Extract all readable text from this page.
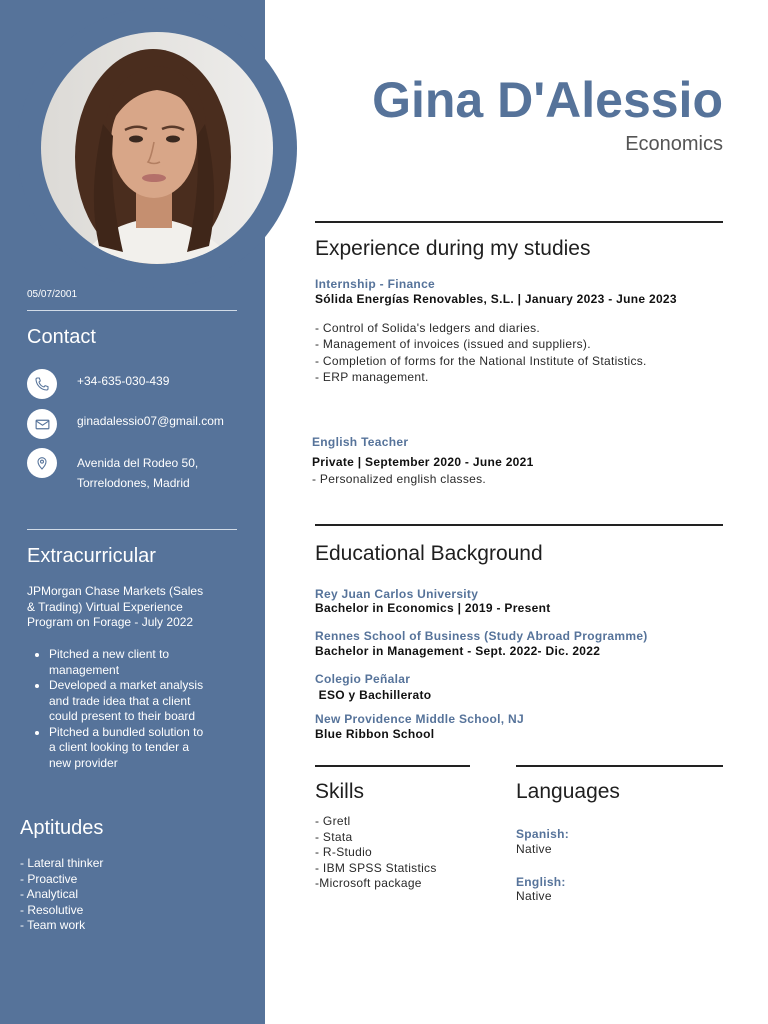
05/07/2001
Contact
+34-635-030-439
ginadalessio07@gmail.com
Avenida del Rodeo 50,
Torrelodones, Madrid
Extracurricular
JPMorgan Chase Markets (Sales & Trading) Virtual Experience Program on Forage - July 2022
• Pitched a new client to management
• Developed a market analysis and trade idea that a client could present to their board
• Pitched a bundled solution to a client looking to tender a new provider
Aptitudes
- Lateral thinker
- Proactive
- Analytical
- Resolutive
- Team work
Gina D'Alessio
Economics
Experience during my studies
Internship - Finance
Sólida Energías Renovables, S.L. | January 2023 - June 2023
- Control of Solida's ledgers and diaries.
- Management of invoices (issued and suppliers).
- Completion of forms for the National Institute of Statistics.
- ERP management.
English Teacher
Private | September 2020 - June 2021
- Personalized english classes.
Educational Background
Rey Juan Carlos University
Bachelor in Economics | 2019 - Present
Rennes School of Business (Study Abroad Programme)
Bachelor in Management - Sept. 2022- Dic. 2022
Colegio Peñalar
ESO y Bachillerato
New Providence Middle School, NJ
Blue Ribbon School
Skills
- Gretl
- Stata
- R-Studio
- IBM SPSS Statistics
-Microsoft package
Languages
Spanish:
Native
English:
Native
